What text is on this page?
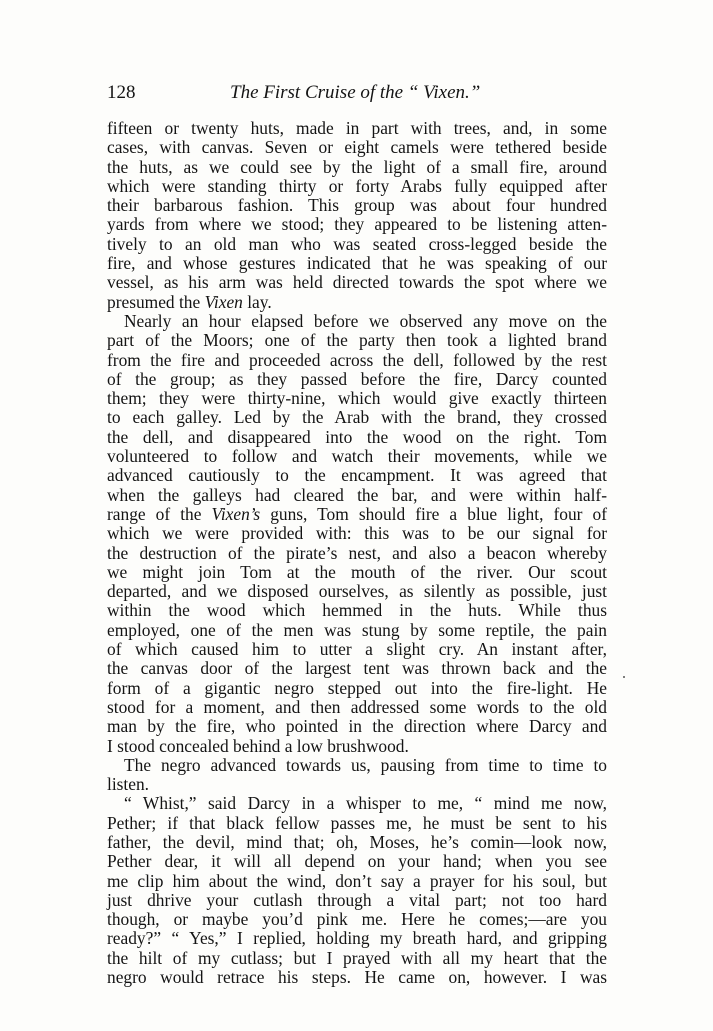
128	The First Cruise of the “ Vixen.”
fifteen or twenty huts, made in part with trees, and, in some
cases, with canvas. Seven or eight camels were tethered beside
the huts, as we could see by the light of a small fire, around
which were standing thirty or forty Arabs fully equipped after
their barbarous fashion. This group was about four hundred
yards from where we stood; they appeared to be listening atten-
tively to an old man who was seated cross-legged beside the
fire, and whose gestures indicated that he was speaking of our
vessel, as his arm was held directed towards the spot where we
presumed the Vixen lay.
Nearly an hour elapsed before we observed any move on the
part of the Moors; one of the party then took a lighted brand
from the fire and proceeded across the dell, followed by the rest
of the group; as they passed before the fire, Darcy counted
them; they were thirty-nine, which would give exactly thirteen
to each galley. Led by the Arab with the brand, they crossed
the dell, and disappeared into the wood on the right. Tom
volunteered to follow and watch their movements, while we
advanced cautiously to the encampment. It was agreed that
when the galleys had cleared the bar, and were within half-
range of the Vixen’s guns, Tom should fire a blue light, four of
which we were provided with: this was to be our signal for
the destruction of the pirate’s nest, and also a beacon whereby
we might join Tom at the mouth of the river. Our scout
departed, and we disposed ourselves, as silently as possible, just
within the wood which hemmed in the huts. While thus
employed, one of the men was stung by some reptile, the pain
of which caused him to utter a slight cry. An instant after,
the canvas door of the largest tent was thrown back and the
form of a gigantic negro stepped out into the fire-light. He
stood for a moment, and then addressed some words to the old
man by the fire, who pointed in the direction where Darcy and
I stood concealed behind a low brushwood.
The negro advanced towards us, pausing from time to time to
listen.
“ Whist,” said Darcy in a whisper to me, “ mind me now,
Pether; if that black fellow passes me, he must be sent to his
father, the devil, mind that; oh, Moses, he’s comin—look now,
Pether dear, it will all depend on your hand; when you see
me clip him about the wind, don’t say a prayer for his soul, but
just dhrive your cutlash through a vital part; not too hard
though, or maybe you’d pink me. Here he comes;—are you
ready?” “ Yes,” I replied, holding my breath hard, and gripping
the hilt of my cutlass; but I prayed with all my heart that the
negro would retrace his steps. He came on, however. I was
